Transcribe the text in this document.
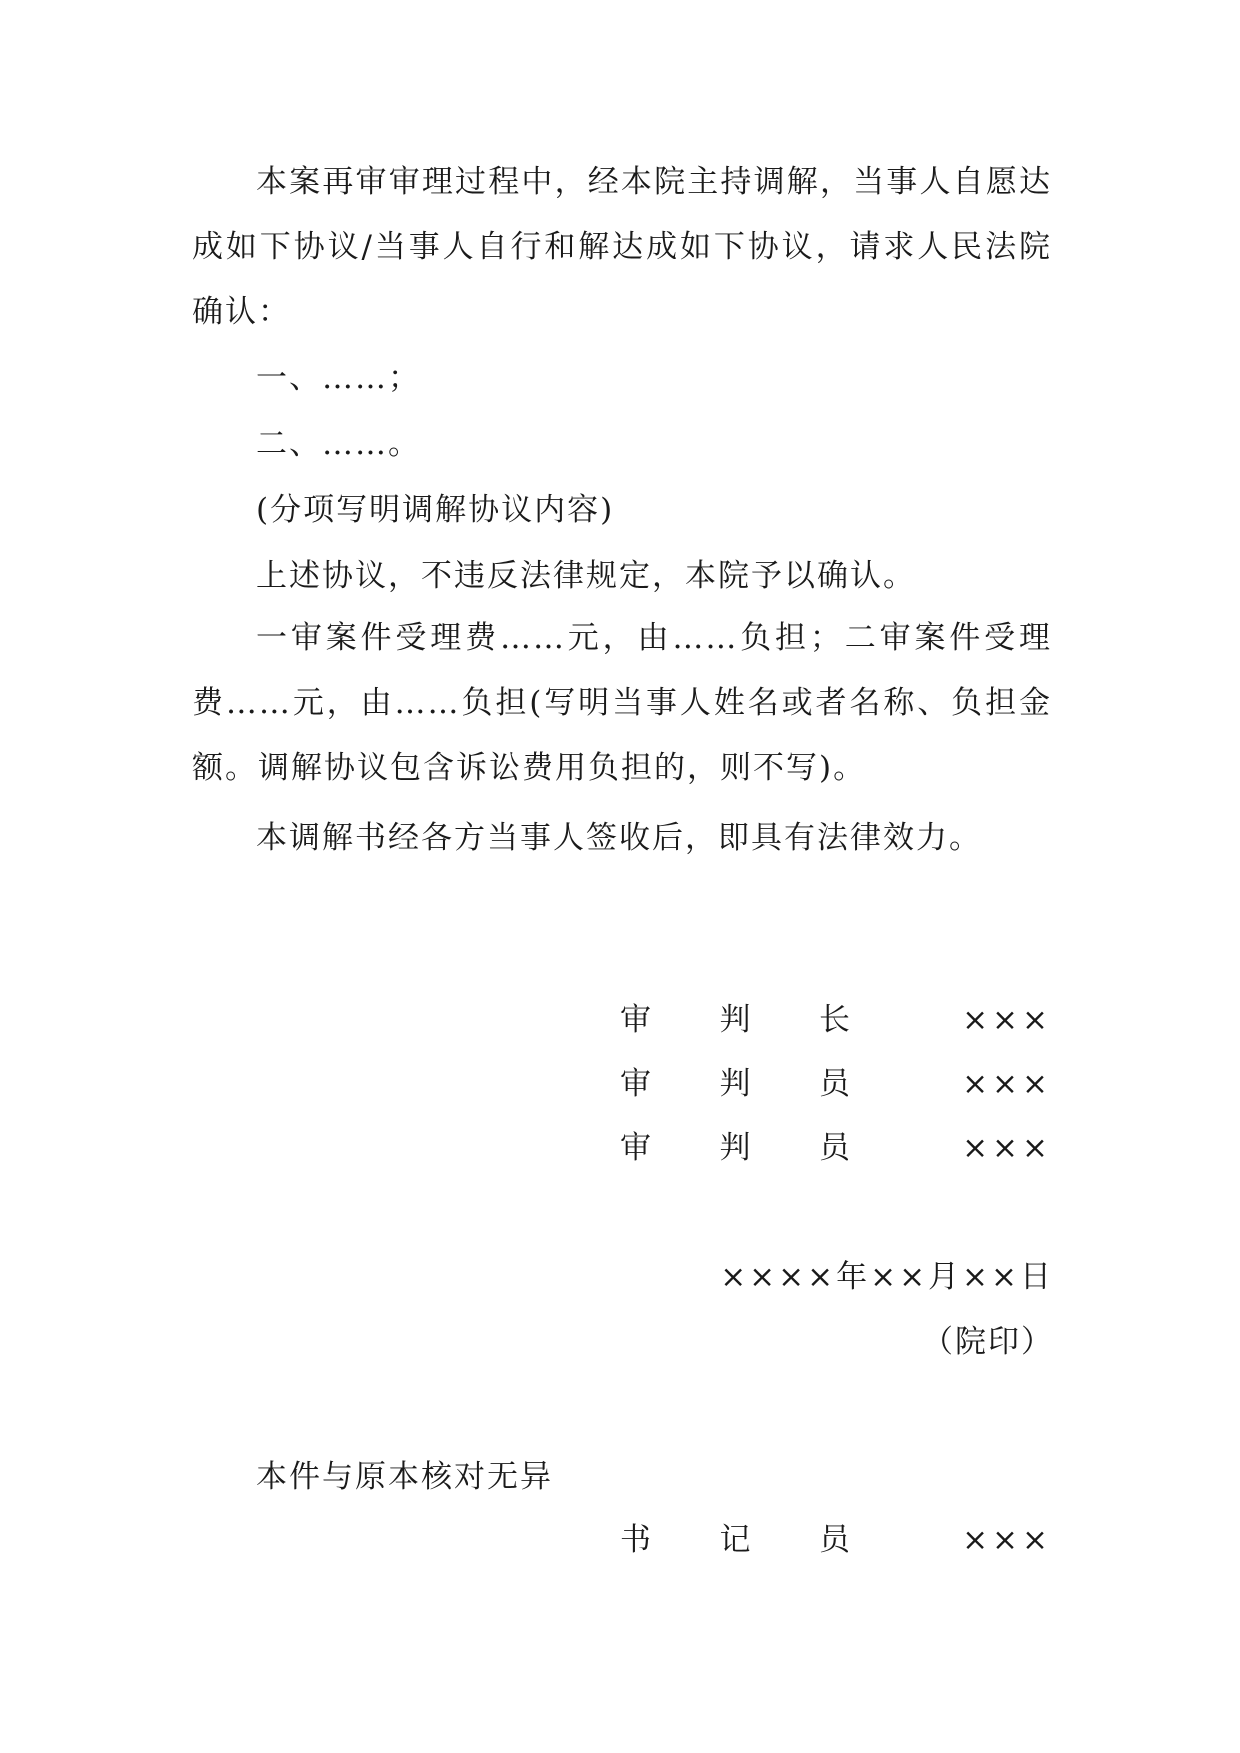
本案再审审理过程中，经本院主持调解，当事人自愿达成如下协议/当事人自行和解达成如下协议，请求人民法院确认：

一、……；

二、……。

(分项写明调解协议内容)

上述协议，不违反法律规定，本院予以确认。

一审案件受理费……元，由……负担；二审案件受理费……元，由……负担(写明当事人姓名或者名称、负担金额。调解协议包含诉讼费用负担的，则不写)。

本调解书经各方当事人签收后，即具有法律效力。

审 判 长	×××
审 判 员	×××
审 判 员	×××

××××年××月××日

（院印）

本件与原本核对无异

书 记 员	×××
